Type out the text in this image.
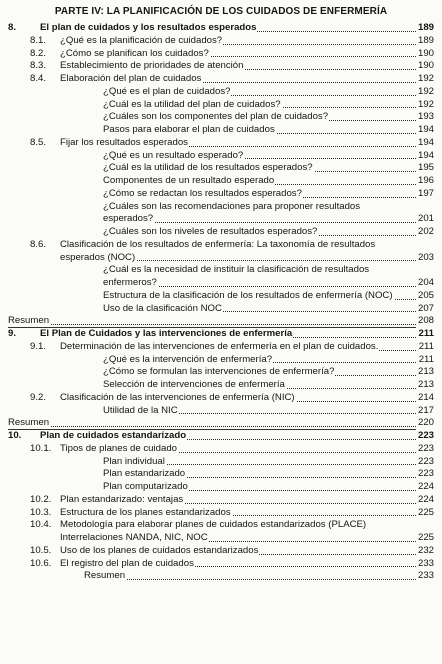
PARTE IV: LA PLANIFICACIÓN DE LOS CUIDADOS DE ENFERMERÍA
8. El plan de cuidados y los resultados esperados	189
8.1. ¿Qué es la planificación de cuidados?	189
8.2. ¿Cómo se planifican los cuidados?	190
8.3. Establecimiento de prioridades de atención	190
8.4. Elaboración del plan de cuidados	192
¿Qué es el plan de cuidados?	192
¿Cuál es la utilidad del plan de cuidados?	192
¿Cuáles son los componentes del plan de cuidados?	193
Pasos para elaborar el plan de cuidados	194
8.5. Fijar los resultados esperados	194
¿Qué es un resultado esperado?	194
¿Cuál es la utilidad de los resultados esperados?	195
Componentes de un resultado esperado	196
¿Cómo se redactan los resultados esperados?	197
¿Cuáles son las recomendaciones para proponer resultados
esperados?	201
¿Cuáles son los niveles de resultados esperados?	202
8.6. Clasificación de los resultados de enfermería: La taxonomía de resultados
esperados (NOC)	203
¿Cuál es la necesidad de instituir la clasificación de resultados
enfermeros?	204
Estructura de la clasificación de los resultados de enfermería (NOC)	205
Uso de la clasificación NOC	207
Resumen	208
9. El Plan de Cuidados y las intervenciones de enfermería	211
9.1. Determinación de las intervenciones de enfermería en el plan de cuidados.	211
¿Qué es la intervención de enfermería?	211
¿Cómo se formulan las intervenciones de enfermería?	213
Selección de intervenciones de enfermería	213
9.2. Clasificación de las intervenciones de enfermería (NIC)	214
Utilidad de la NIC	217
Resumen	220
10. Plan de cuidados estandarizado	223
10.1. Tipos de planes de cuidado	223
Plan individual	223
Plan estandarizado	223
Plan computarizado	224
10.2. Plan estandarizado: ventajas	224
10.3. Estructura de los planes estandarizados	225
10.4. Metodología para elaborar planes de cuidados estandarizados (PLACE)
Interrelaciones NANDA, NIC, NOC	225
10.5. Uso de los planes de cuidados estandarizados	232
10.6. El registro del plan de cuidados	233
Resumen	233
